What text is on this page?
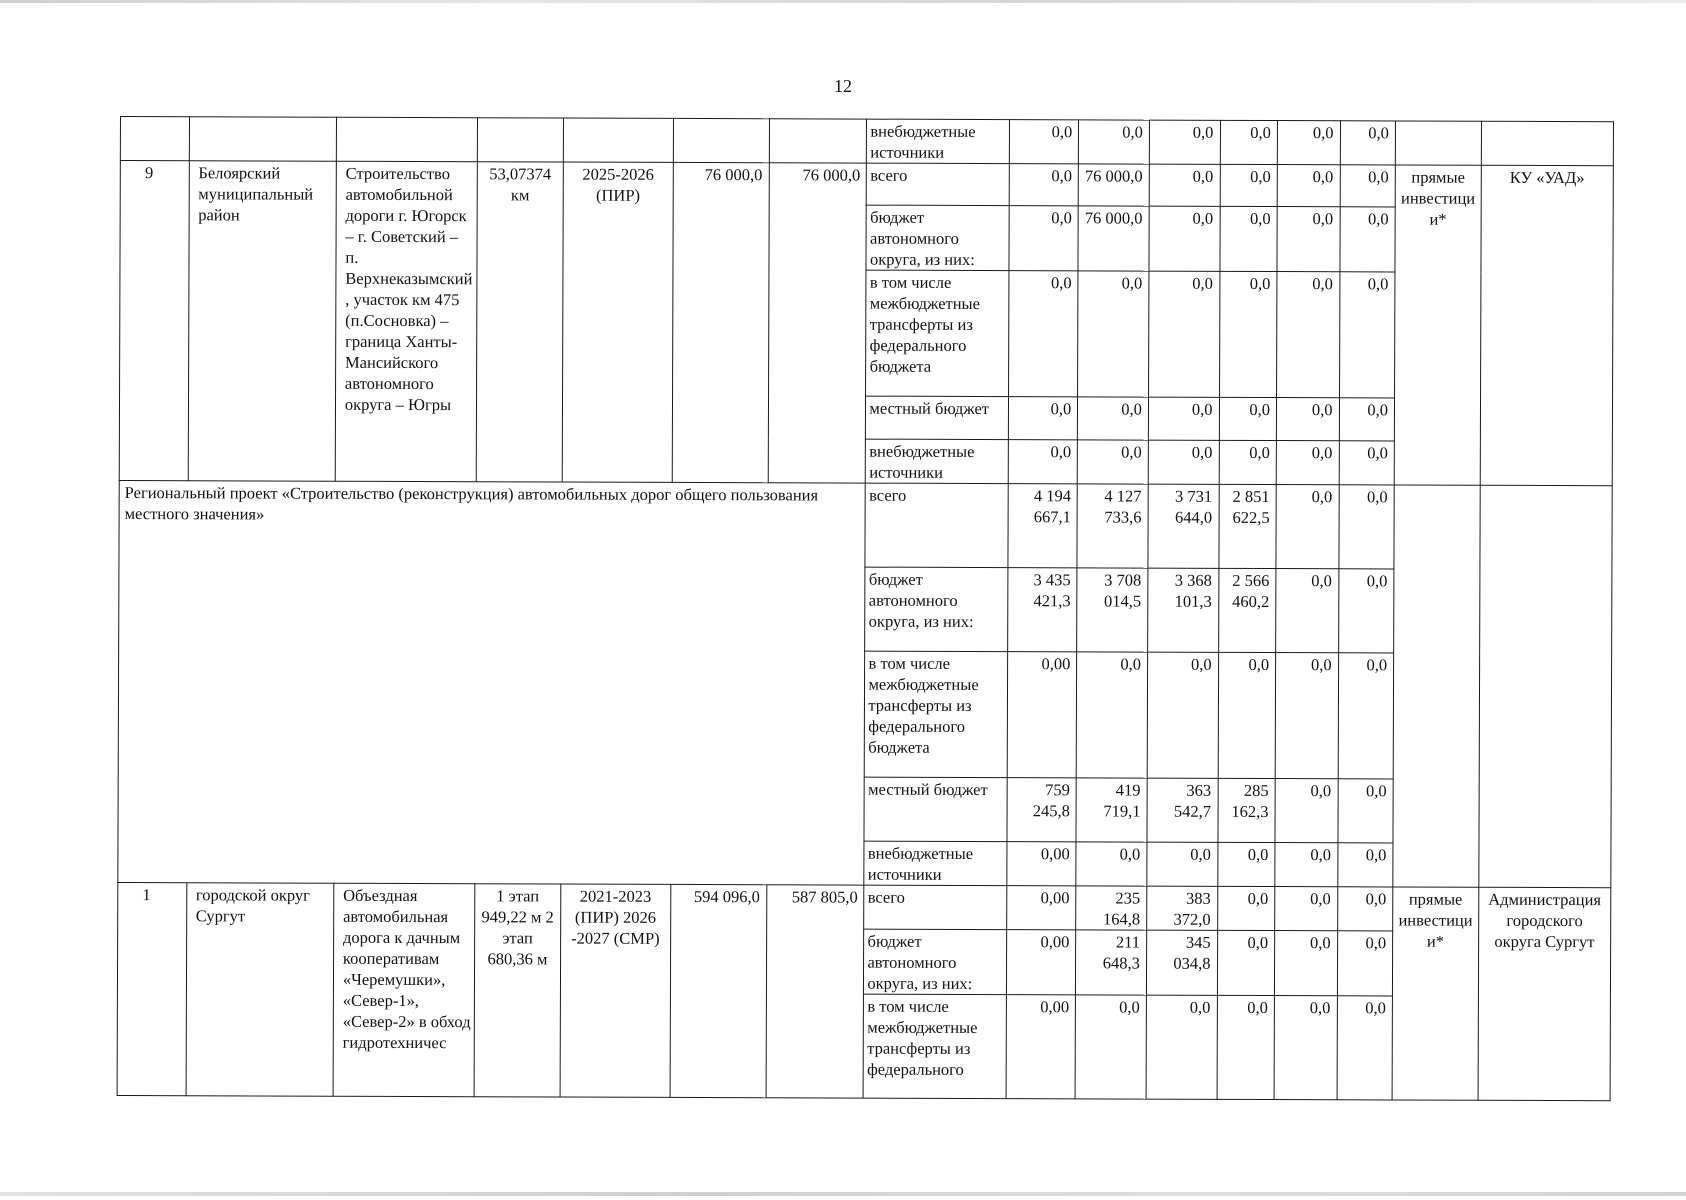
12
							внебюджетные источники	0,0	0,0	0,0	0,0	0,0	0,0		
9	Белоярский муниципальный район	Строительство автомобильной дороги г. Югорск – г. Советский – п. Верхнеказымский, участок км 475 (п.Сосновка) – граница Ханты-Мансийского автономного округа – Югры	53,07374 км	2025-2026 (ПИР)	76 000,0	76 000,0	всего	0,0	76 000,0	0,0	0,0	0,0	0,0	прямые инвестиции*	КУ «УАД»
							бюджет автономного округа, из них:	0,0	76 000,0	0,0	0,0	0,0	0,0		
							в том числе межбюджетные трансферты из федерального бюджета	0,0	0,0	0,0	0,0	0,0	0,0		
							местный бюджет	0,0	0,0	0,0	0,0	0,0	0,0		
							внебюджетные источники	0,0	0,0	0,0	0,0	0,0	0,0		
Региональный проект «Строительство (реконструкция) автомобильных дорог общего пользования местного значения»							всего	4 194 667,1	4 127 733,6	3 731 644,0	2 851 622,5	0,0	0,0		
							бюджет автономного округа, из них:	3 435 421,3	3 708 014,5	3 368 101,3	2 566 460,2	0,0	0,0		
							в том числе межбюджетные трансферты из федерального бюджета	0,00	0,0	0,0	0,0	0,0	0,0		
							местный бюджет	759 245,8	419 719,1	363 542,7	285 162,3	0,0	0,0		
							внебюджетные источники	0,00	0,0	0,0	0,0	0,0	0,0		
1	городской округ Сургут	Объездная автомобильная дорога к дачным кооперативам «Черемушки», «Север-1», «Север-2» в обход гидротехничес	1 этап 949,22 м 2 этап 680,36 м	2021-2023 (ПИР) 2026 -2027 (СМР)	594 096,0	587 805,0	всего	0,00	235 164,8	383 372,0	0,0	0,0	0,0	прямые инвестиции*	Администрация городского округа Сургут
							бюджет автономного округа, из них:	0,00	211 648,3	345 034,8	0,0	0,0	0,0		
							в том числе межбюджетные трансферты из федерального	0,00	0,0	0,0	0,0	0,0	0,0		
